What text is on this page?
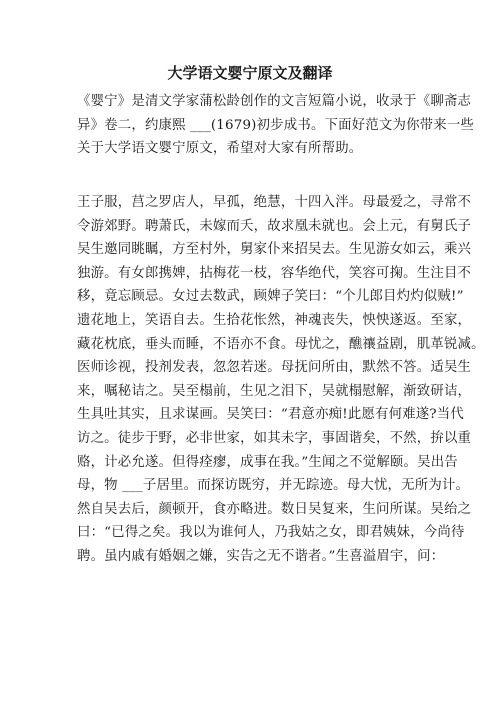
大学语文婴宁原文及翻译
《婴宁》是清文学家蒲松龄创作的文言短篇小说，收录于《聊斋志
异》卷二，约康熙 ___(1679)初步成书。下面好范文为你带来一些
关于大学语文婴宁原文，希望对大家有所帮助。
王子服，莒之罗店人，早孤，绝慧，十四入泮。母最爱之，寻常不
令游郊野。聘萧氏，未嫁而夭，故求凰未就也。会上元，有舅氏子
吴生邀同眺瞩，方至村外，舅家仆来招吴去。生见游女如云，乘兴
独游。有女郎携婢，拈梅花一枝，容华绝代，笑容可掬。生注目不
移，竟忘顾忌。女过去数武，顾婢子笑曰：“个儿郎目灼灼似贼!”
遗花地上，笑语自去。生拾花怅然，神魂丧失，怏怏遂返。至家，
藏花枕底，垂头而睡，不语亦不食。母忧之，醮禳益剧，肌革锐减。
医师诊视，投剂发表，忽忽若迷。母抚问所由，默然不答。适吴生
来，嘱秘诘之。吴至榻前，生见之泪下，吴就榻慰解，渐致研诘，
生具吐其实，且求谋画。吴笑曰：“君意亦痴!此愿有何难遂?当代
访之。徒步于野，必非世家，如其未字，事固谐矣，不然，拚以重
赂，计必允遂。但得痊瘳，成事在我。”生闻之不觉解颐。吴出告
母，物 ___子居里。而探访既穷，并无踪迹。母大忧，无所为计。
然自吴去后，颜顿开，食亦略进。数日吴复来，生问所谋。吴绐之
曰：“已得之矣。我以为谁何人，乃我姑之女，即君姨妹，今尚待
聘。虽内戚有婚姻之嫌，实告之无不谐者。”生喜溢眉宇，问：
